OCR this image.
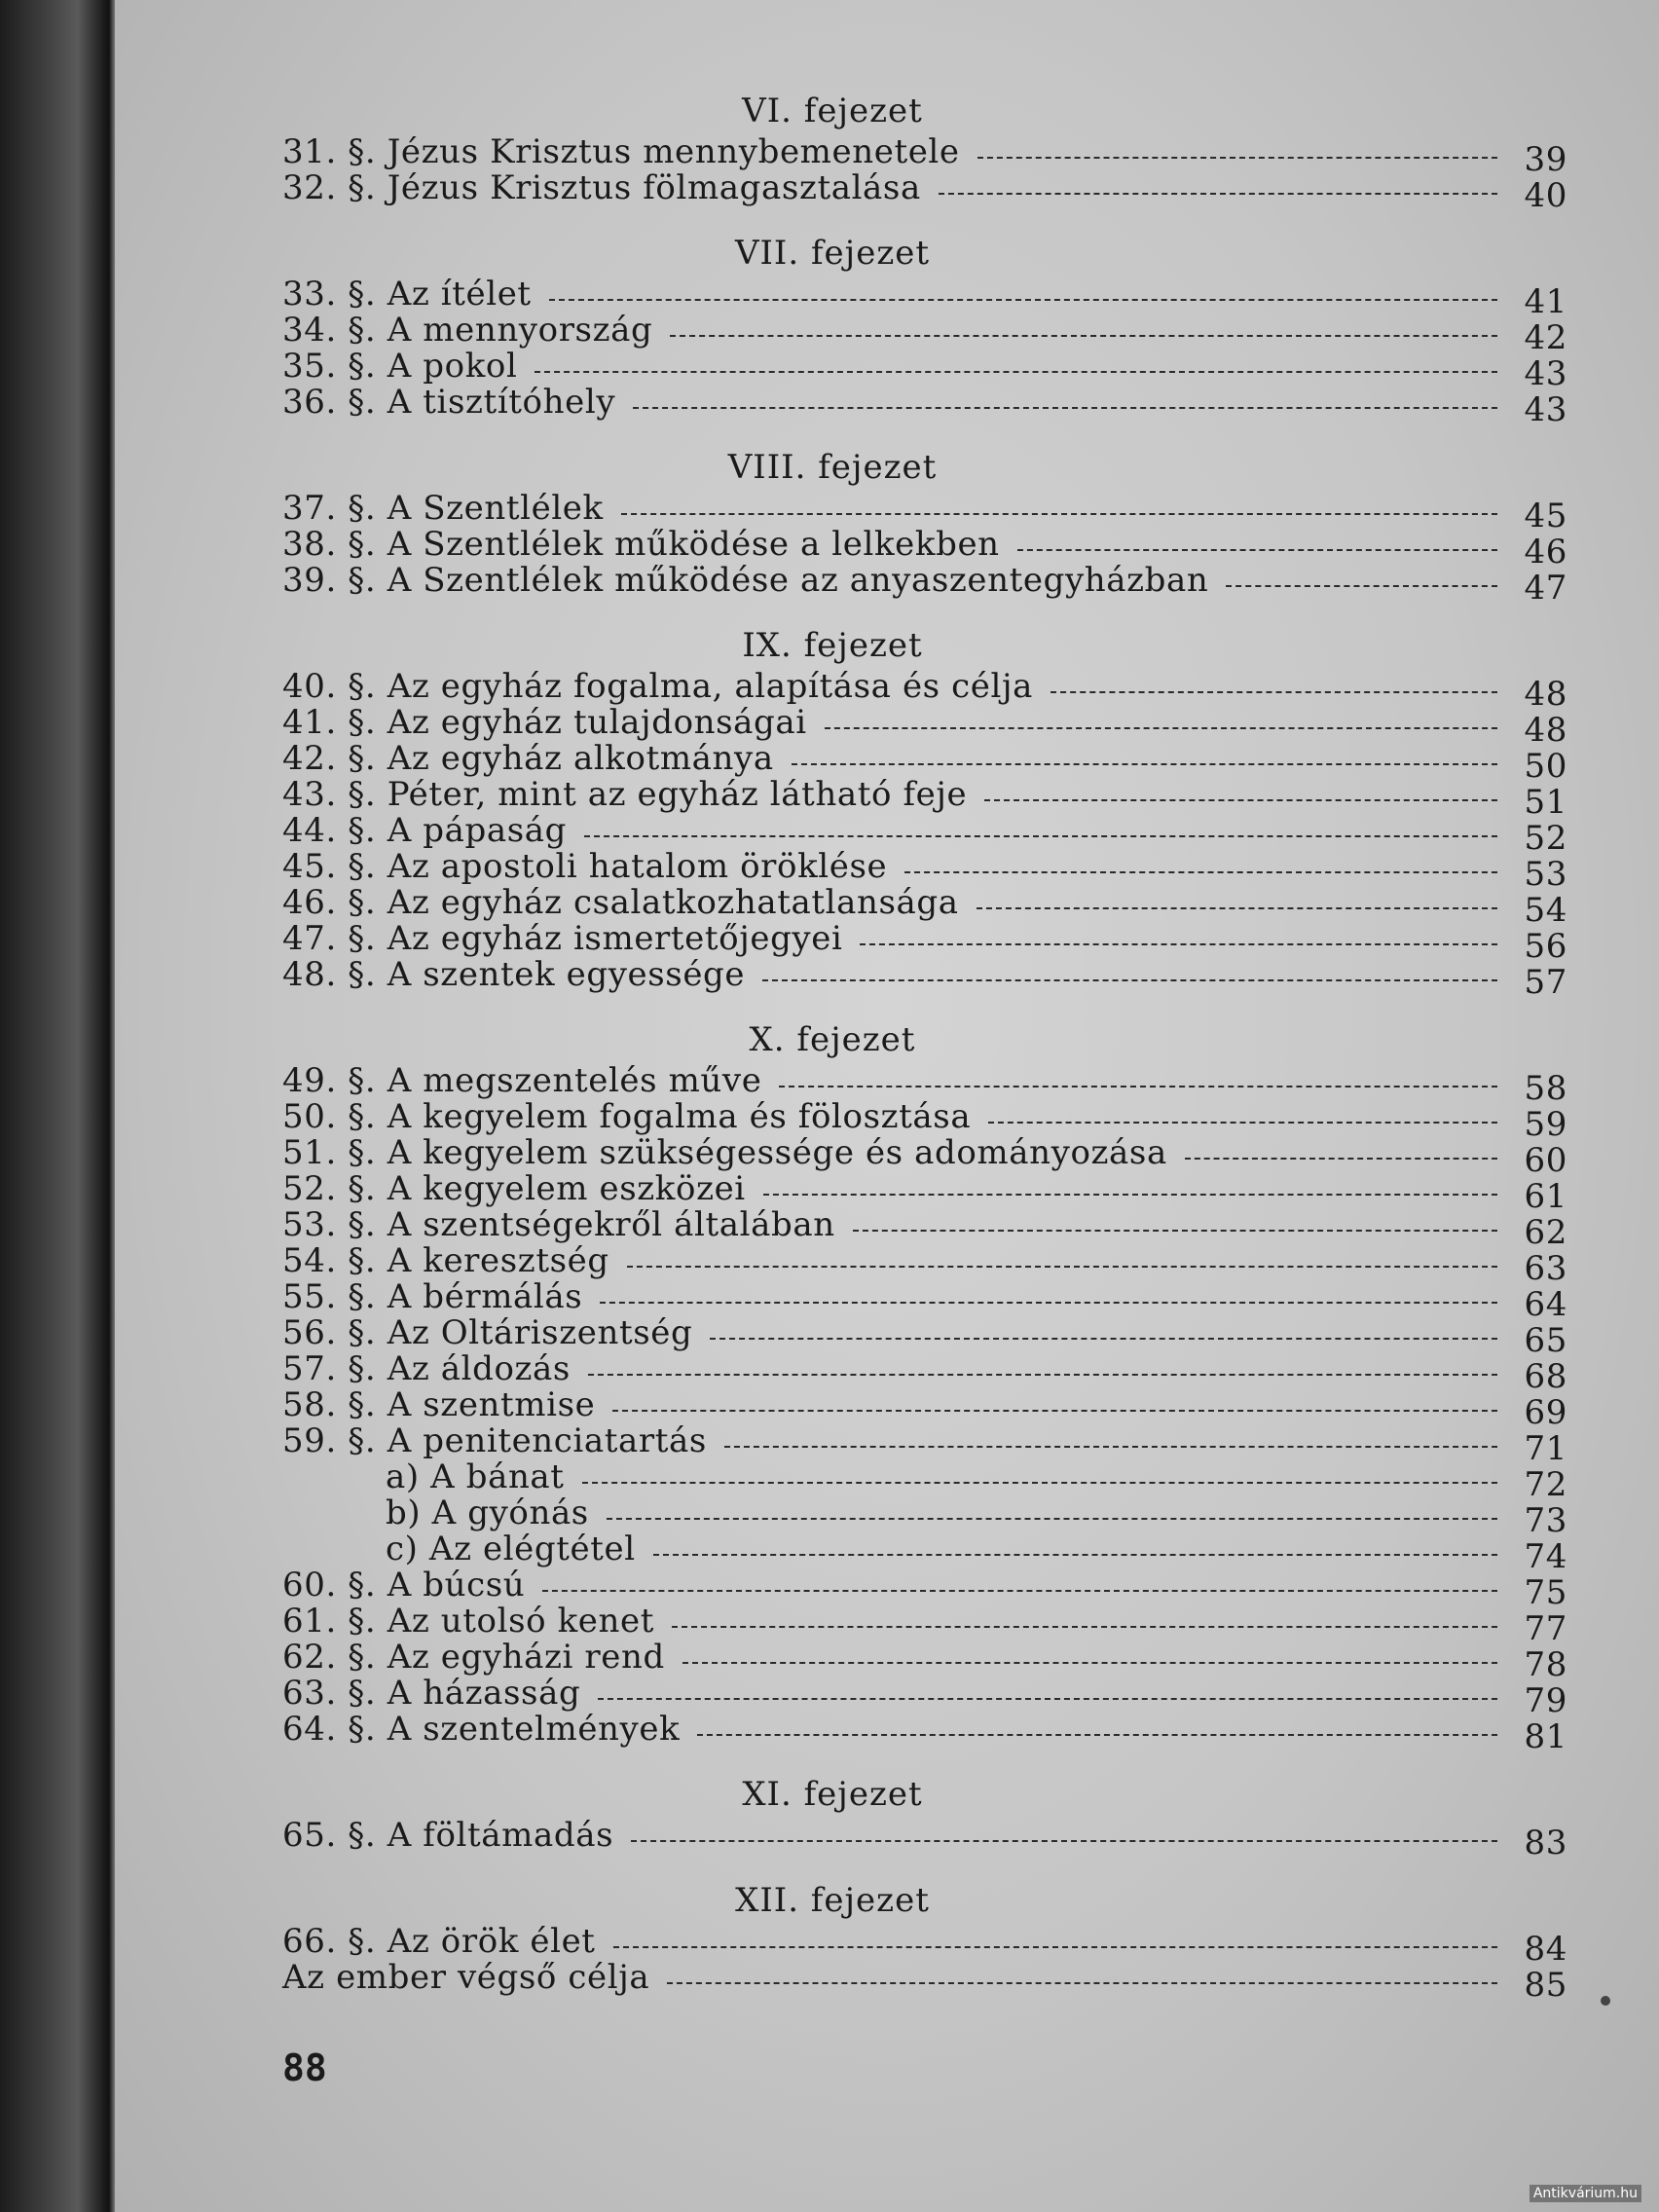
VI. fejezet
31. §. Jézus Krisztus mennybemenetele	39
32. §. Jézus Krisztus fölmagasztalása	40
VII. fejezet
33. §. Az ítélet	41
34. §. A mennyország	42
35. §. A pokol	43
36. §. A tisztítóhely	43
VIII. fejezet
37. §. A Szentlélek	45
38. §. A Szentlélek működése a lelkekben	46
39. §. A Szentlélek működése az anyaszentegyházban	47
IX. fejezet
40. §. Az egyház fogalma, alapítása és célja	48
41. §. Az egyház tulajdonságai	48
42. §. Az egyház alkotmánya	50
43. §. Péter, mint az egyház látható feje	51
44. §. A pápaság	52
45. §. Az apostoli hatalom öröklése	53
46. §. Az egyház csalatkozhatatlansága	54
47. §. Az egyház ismertetőjegyei	56
48. §. A szentek egyessége	57
X. fejezet
49. §. A megszentelés műve	58
50. §. A kegyelem fogalma és fölosztása	59
51. §. A kegyelem szükségessége és adományozása	60
52. §. A kegyelem eszközei	61
53. §. A szentségekről általában	62
54. §. A keresztség	63
55. §. A bérmálás	64
56. §. Az Oltáriszentség	65
57. §. Az áldozás	68
58. §. A szentmise	69
59. §. A penitenciatartás	71
a) A bánat	72
b) A gyónás	73
c) Az elégtétel	74
60. §. A búcsú	75
61. §. Az utolsó kenet	77
62. §. Az egyházi rend	78
63. §. A házasság	79
64. §. A szentelmények	81
XI. fejezet
65. §. A föltámadás	83
XII. fejezet
66. §. Az örök élet	84
Az ember végső célja	85
88
Antikvárium.hu
